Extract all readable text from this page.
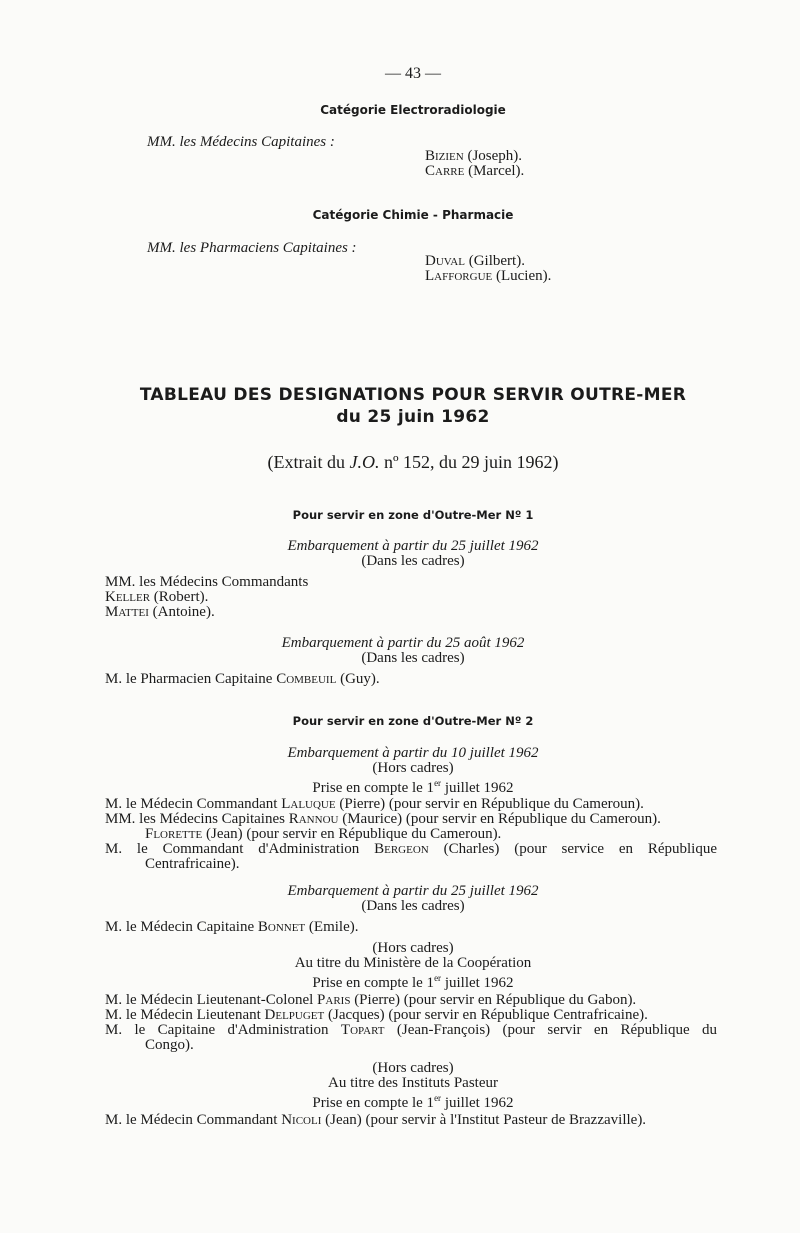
— 43 —
Catégorie Electroradiologie
MM. les Médecins Capitaines :
Bizien (Joseph).
Carre (Marcel).
Catégorie Chimie - Pharmacie
MM. les Pharmaciens Capitaines :
Duval (Gilbert).
Lafforgue (Lucien).
TABLEAU DES DESIGNATIONS POUR SERVIR OUTRE-MER
du 25 juin 1962
(Extrait du J.O. nº 152, du 29 juin 1962)
Pour servir en zone d'Outre-Mer Nº 1
Embarquement à partir du 25 juillet 1962
(Dans les cadres)
MM. les Médecins Commandants
Keller (Robert).
Mattei (Antoine).
Embarquement à partir du 25 août 1962
(Dans les cadres)
M. le Pharmacien Capitaine Combeuil (Guy).
Pour servir en zone d'Outre-Mer Nº 2
Embarquement à partir du 10 juillet 1962
(Hors cadres)
Prise en compte le 1er juillet 1962
M. le Médecin Commandant Laluque (Pierre) (pour servir en République du Cameroun).
MM. les Médecins Capitaines Rannou (Maurice) (pour servir en République du Cameroun).
Florette (Jean) (pour servir en République du Cameroun).
M. le Commandant d'Administration Bergeon (Charles) (pour service en République
Centrafricaine).
Embarquement à partir du 25 juillet 1962
(Dans les cadres)
M. le Médecin Capitaine Bonnet (Emile).
(Hors cadres)
Au titre du Ministère de la Coopération
Prise en compte le 1er juillet 1962
M. le Médecin Lieutenant-Colonel Paris (Pierre) (pour servir en République du Gabon).
M. le Médecin Lieutenant Delpuget (Jacques) (pour servir en République Centrafricaine).
M. le Capitaine d'Administration Topart (Jean-François) (pour servir en République du
Congo).
(Hors cadres)
Au titre des Instituts Pasteur
Prise en compte le 1er juillet 1962
M. le Médecin Commandant Nicoli (Jean) (pour servir à l'Institut Pasteur de Brazzaville).
